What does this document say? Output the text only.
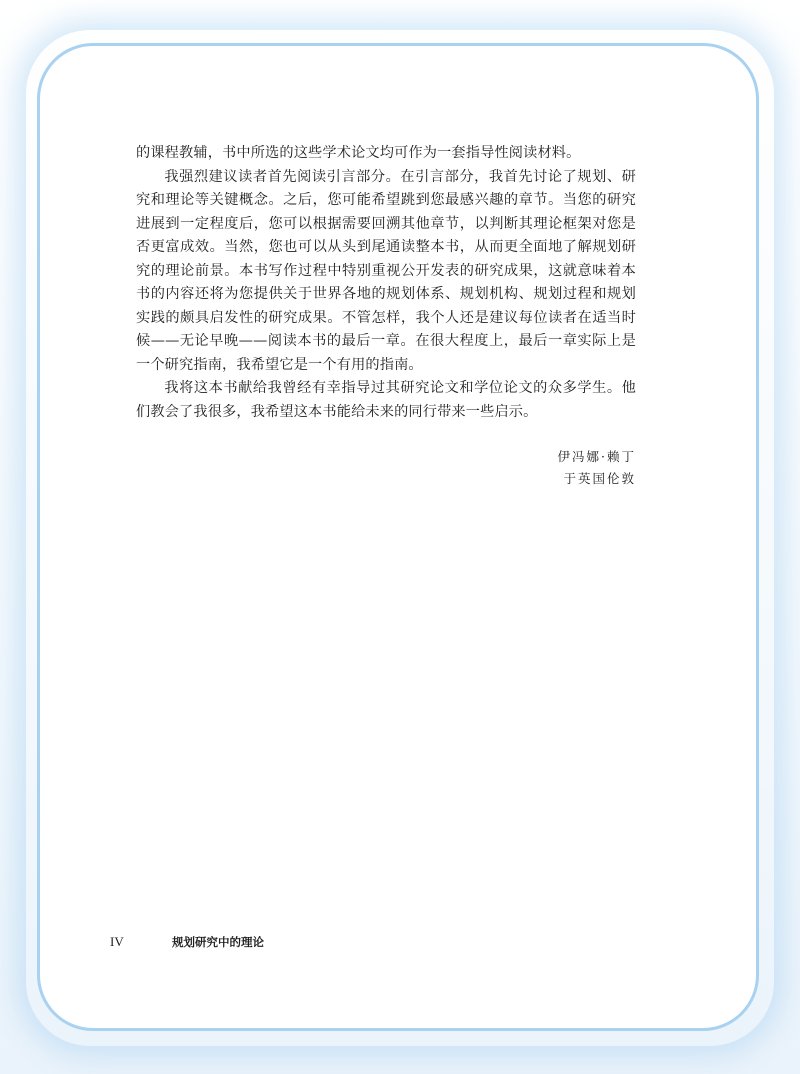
的课程教辅，书中所选的这些学术论文均可作为一套指导性阅读材料。

我强烈建议读者首先阅读引言部分。在引言部分，我首先讨论了规划、研究和理论等关键概念。之后，您可能希望跳到您最感兴趣的章节。当您的研究进展到一定程度后，您可以根据需要回溯其他章节，以判断其理论框架对您是否更富成效。当然，您也可以从头到尾通读整本书，从而更全面地了解规划研究的理论前景。本书写作过程中特别重视公开发表的研究成果，这就意味着本书的内容还将为您提供关于世界各地的规划体系、规划机构、规划过程和规划实践的颇具启发性的研究成果。不管怎样，我个人还是建议每位读者在适当时候——无论早晚——阅读本书的最后一章。在很大程度上，最后一章实际上是一个研究指南，我希望它是一个有用的指南。

我将这本书献给我曾经有幸指导过其研究论文和学位论文的众多学生。他们教会了我很多，我希望这本书能给未来的同行带来一些启示。

伊冯娜·赖丁
于英国伦敦
IV	规划研究中的理论
